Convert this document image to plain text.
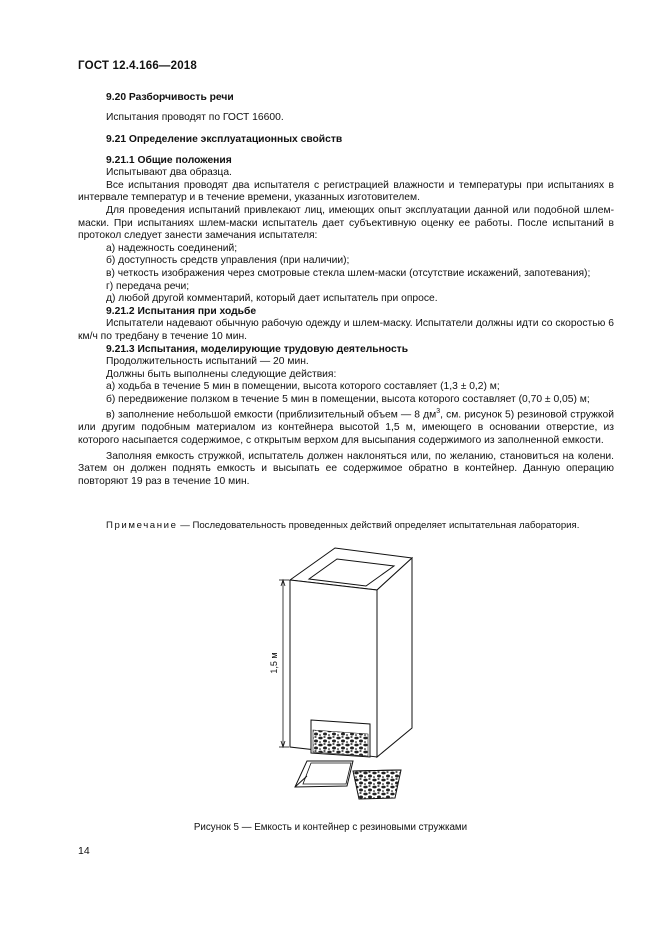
ГОСТ 12.4.166—2018

9.20 Разборчивость речи

Испытания проводят по ГОСТ 16600.

9.21 Определение эксплуатационных свойств

9.21.1 Общие положения

Испытывают два образца.

Все испытания проводят два испытателя с регистрацией влажности и температуры при испытаниях в интервале температур и в течение времени, указанных изготовителем.

Для проведения испытаний привлекают лиц, имеющих опыт эксплуатации данной или подобной шлем-маски. При испытаниях шлем-маски испытатель дает субъективную оценку ее работы. После испытаний в протокол следует занести замечания испытателя:

а) надежность соединений;

б) доступность средств управления (при наличии);

в) четкость изображения через смотровые стекла шлем-маски (отсутствие искажений, запотевания);

г) передача речи;

д) любой другой комментарий, который дает испытатель при опросе.

9.21.2 Испытания при ходьбе

Испытатели надевают обычную рабочую одежду и шлем-маску. Испытатели должны идти со скоростью 6 км/ч по тредбану в течение 10 мин.

9.21.3 Испытания, моделирующие трудовую деятельность

Продолжительность испытаний — 20 мин.

Должны быть выполнены следующие действия:

а) ходьба в течение 5 мин в помещении, высота которого составляет (1,3 ± 0,2) м;

б) передвижение ползком в течение 5 мин в помещении, высота которого составляет (0,70 ± 0,05) м;

в) заполнение небольшой емкости (приблизительный объем — 8 $дм^3$, см. рисунок 5) резиновой стружкой или другим подобным материалом из контейнера высотой 1,5 м, имеющего в основании отверстие, из которого насыпается содержимое, с открытым верхом для высыпания содержимого из заполненной емкости.

Заполняя емкость стружкой, испытатель должен наклоняться или, по желанию, становиться на колени. Затем он должен поднять емкость и высыпать ее содержимое обратно в контейнер. Данную операцию повторяют 19 раз в течение 10 мин.

Примечание — Последовательность проведенных действий определяет испытательная лаборатория.
1,5 м
Рисунок 5 — Емкость и контейнер с резиновыми стружками
14
